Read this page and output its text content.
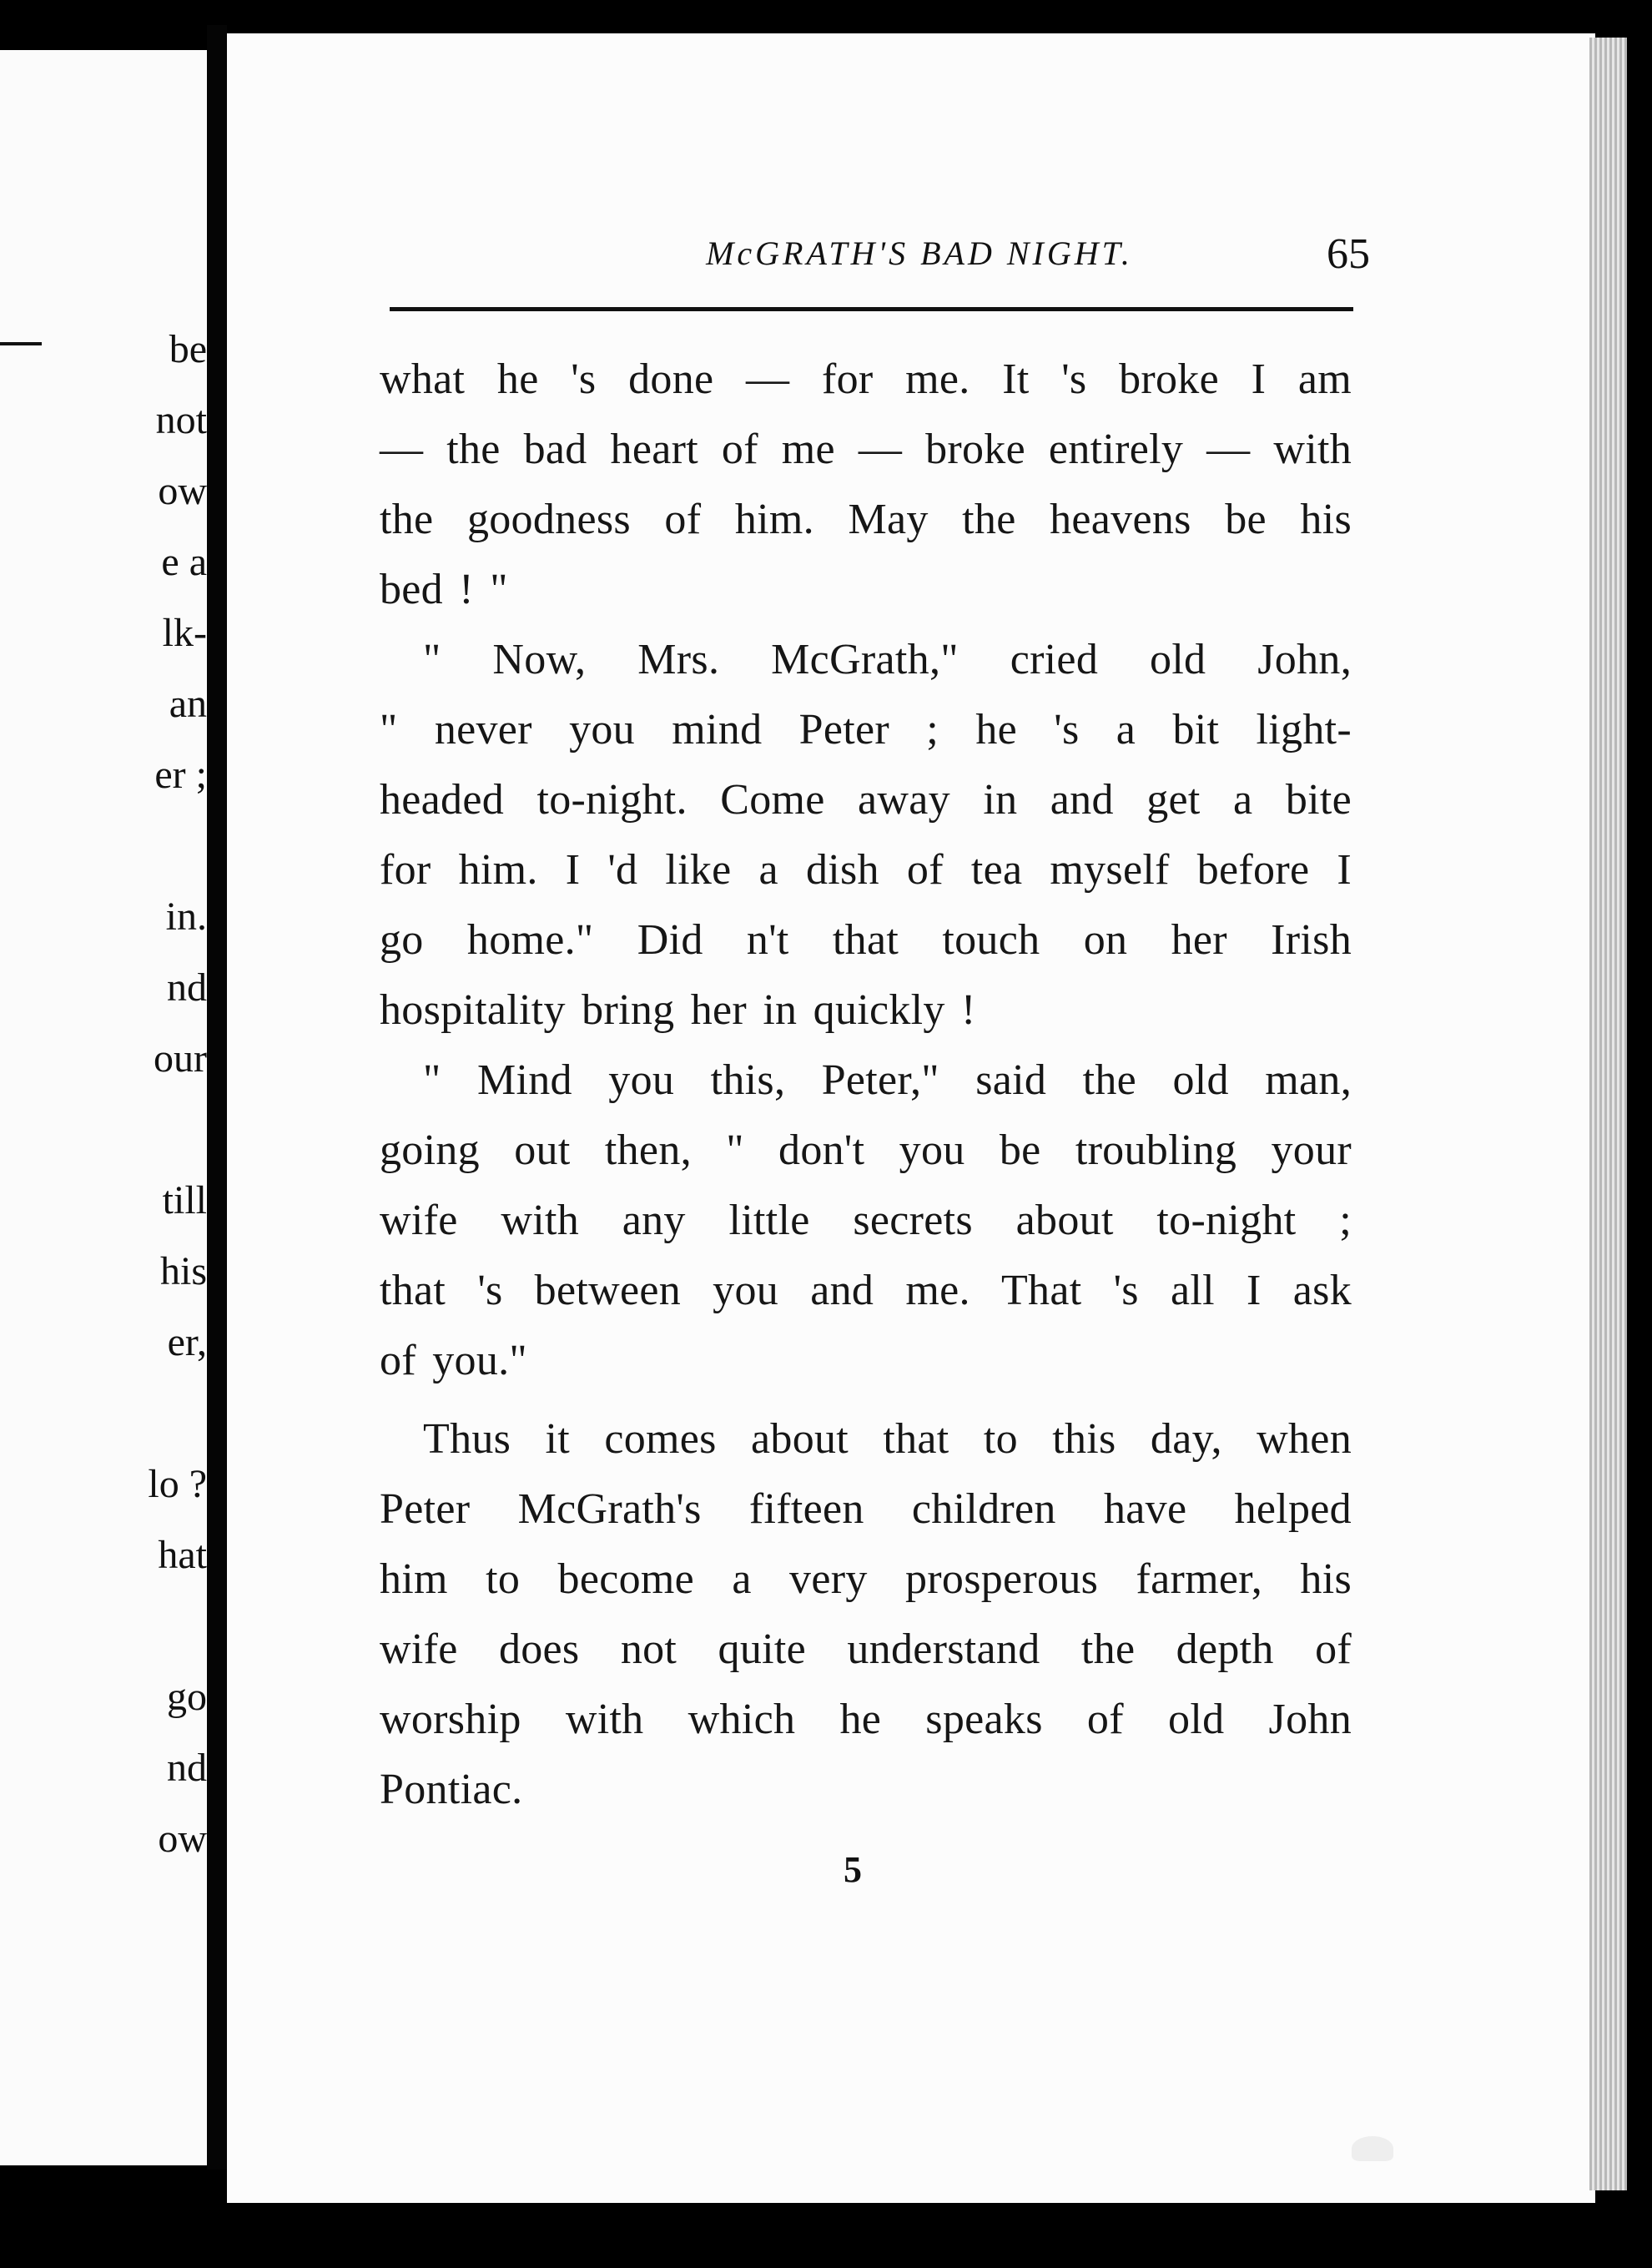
be
not
ow
e a
lk-
an
er ;
in.
nd
our
till
his
er,
lo ?
hat
go
nd
ow
McGRATH'S BAD NIGHT.	65
what he 's done — for me. It 's broke I am
— the bad heart of me — broke entirely — with
the goodness of him. May the heavens be his
bed ! "
" Now, Mrs. McGrath," cried old John,
" never you mind Peter ; he 's a bit light-
headed to-night. Come away in and get a bite
for him. I 'd like a dish of tea myself before I
go home." Did n't that touch on her Irish
hospitality bring her in quickly !
" Mind you this, Peter," said the old man,
going out then, " don't you be troubling your
wife with any little secrets about to-night ;
that 's between you and me. That 's all I ask
of you."
Thus it comes about that to this day, when
Peter McGrath's fifteen children have helped
him to become a very prosperous farmer, his
wife does not quite understand the depth of
worship with which he speaks of old John
Pontiac.
5
